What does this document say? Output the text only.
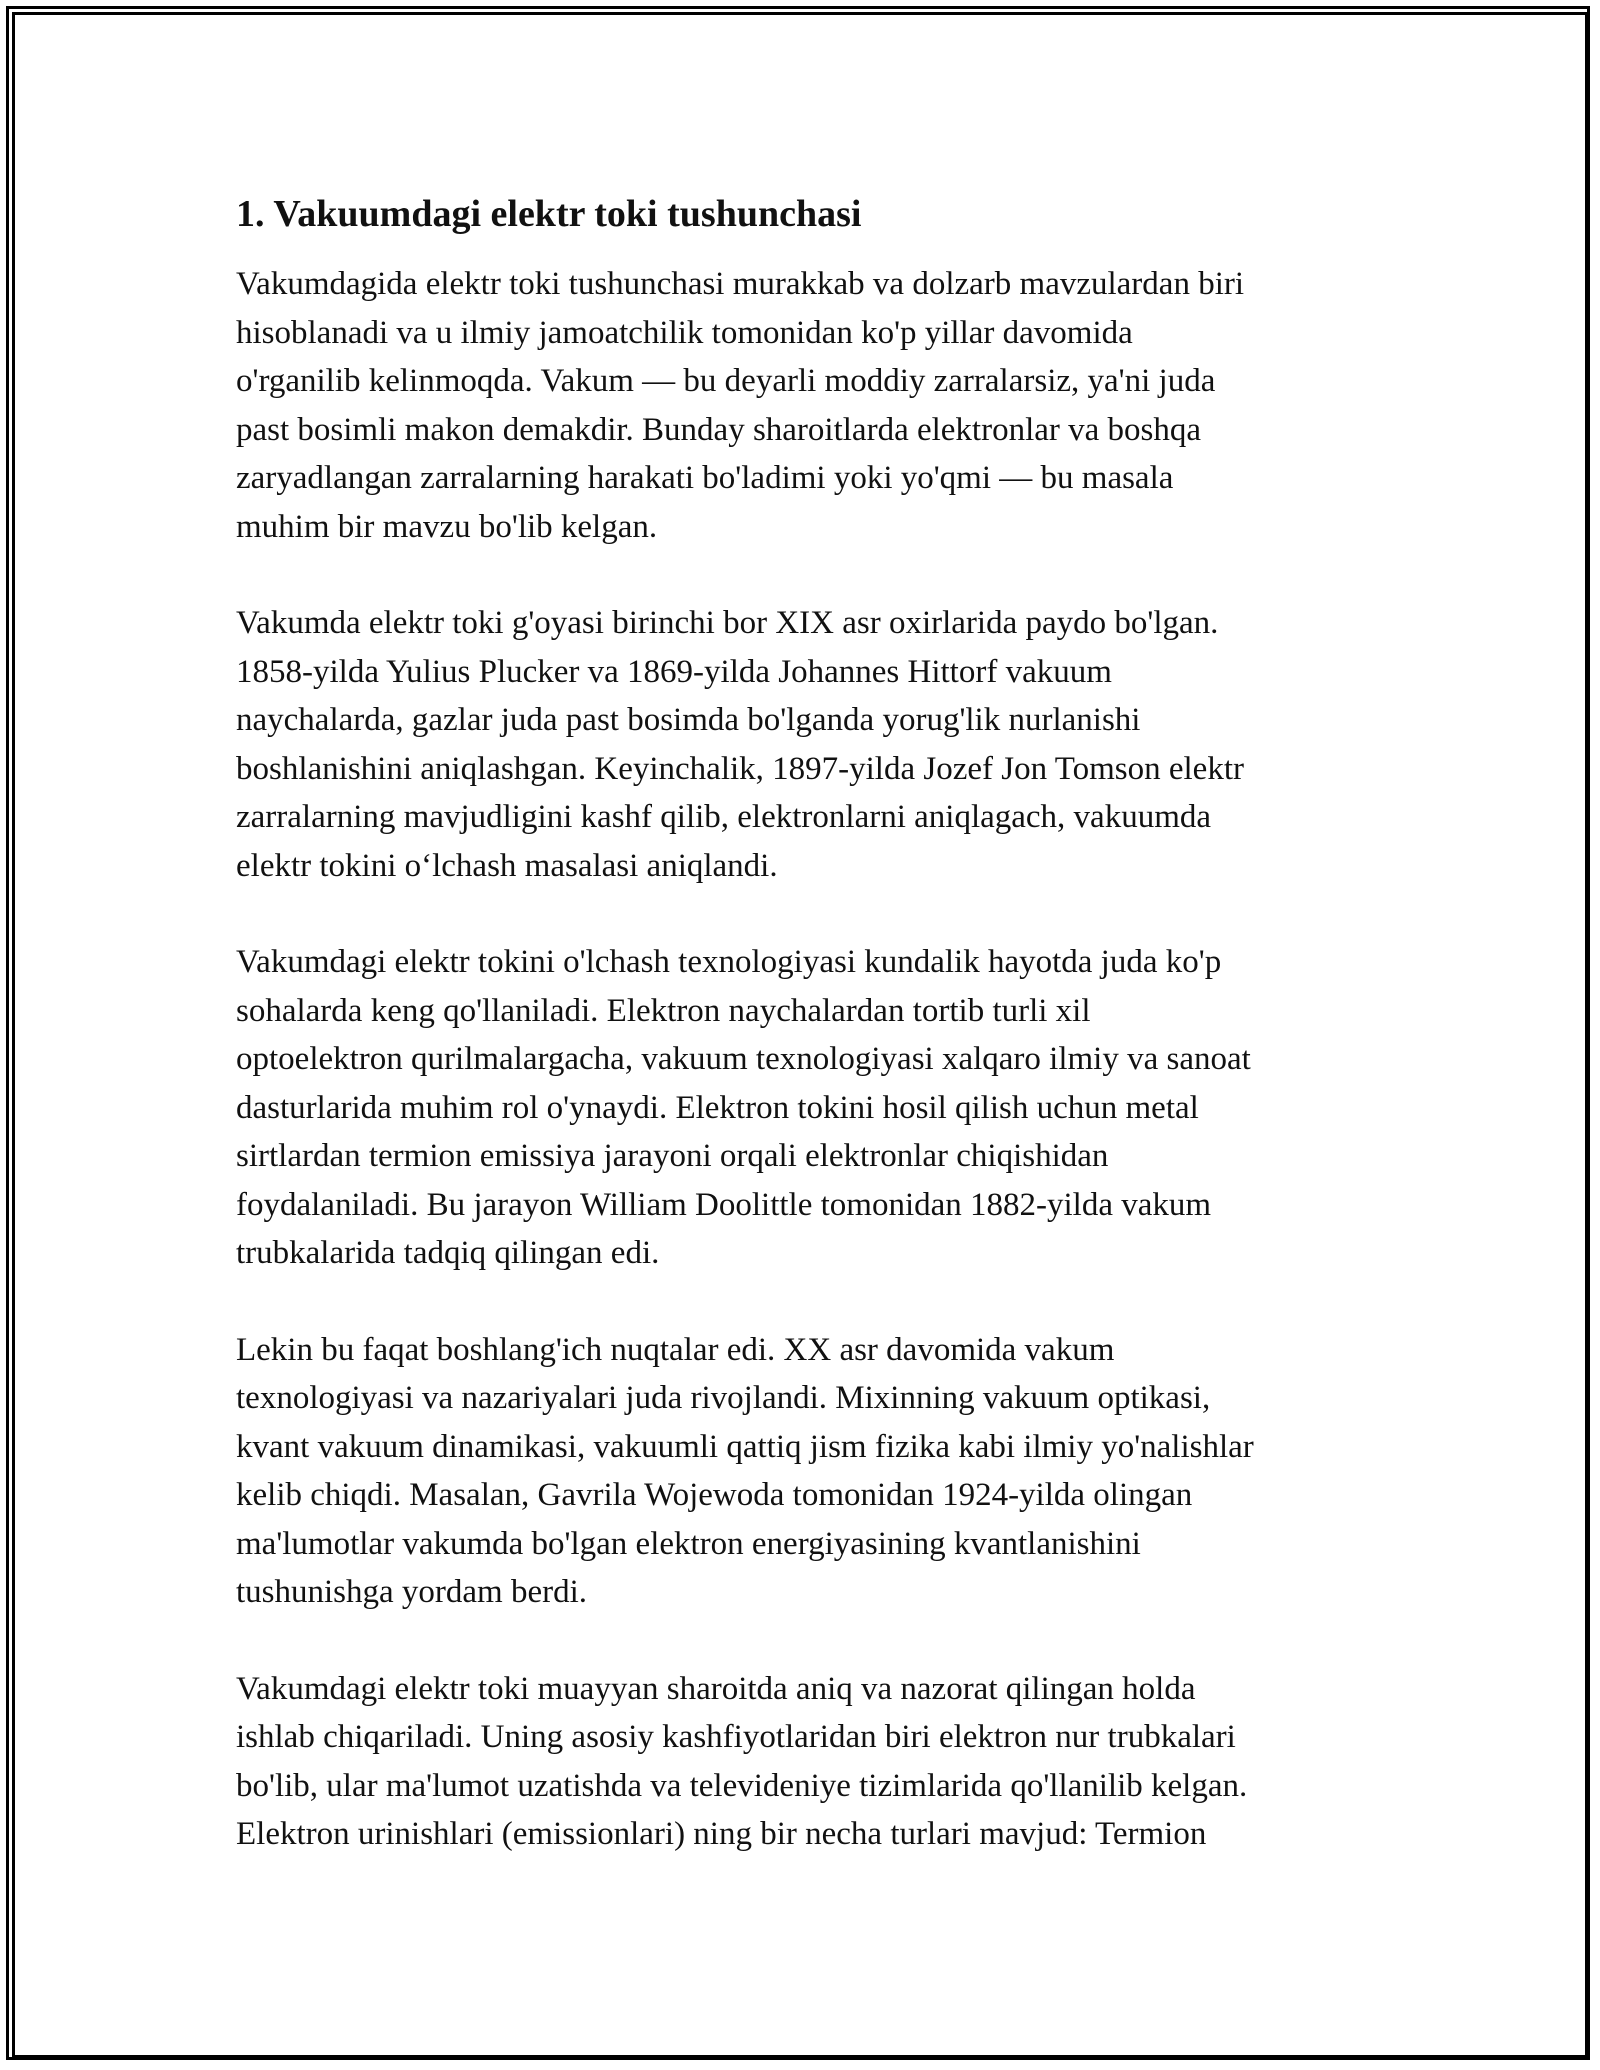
1. Vakuumdagi elektr toki tushunchasi
Vakumdagida elektr toki tushunchasi murakkab va dolzarb mavzulardan biri
hisoblanadi va u ilmiy jamoatchilik tomonidan ko'p yillar davomida
o'rganilib kelinmoqda. Vakum — bu deyarli moddiy zarralarsiz, ya'ni juda
past bosimli makon demakdir. Bunday sharoitlarda elektronlar va boshqa
zaryadlangan zarralarning harakati bo'ladimi yoki yo'qmi — bu masala
muhim bir mavzu bo'lib kelgan.
Vakumda elektr toki g'oyasi birinchi bor XIX asr oxirlarida paydo bo'lgan.
1858-yilda Yulius Plucker va 1869-yilda Johannes Hittorf vakuum
naychalarda, gazlar juda past bosimda bo'lganda yorug'lik nurlanishi
boshlanishini aniqlashgan. Keyinchalik, 1897-yilda Jozef Jon Tomson elektr
zarralarning mavjudligini kashf qilib, elektronlarni aniqlagach, vakuumda
elektr tokini o‘lchash masalasi aniqlandi.
Vakumdagi elektr tokini o'lchash texnologiyasi kundalik hayotda juda ko'p
sohalarda keng qo'llaniladi. Elektron naychalardan tortib turli xil
optoelektron qurilmalargacha, vakuum texnologiyasi xalqaro ilmiy va sanoat
dasturlarida muhim rol o'ynaydi. Elektron tokini hosil qilish uchun metal
sirtlardan termion emissiya jarayoni orqali elektronlar chiqishidan
foydalaniladi. Bu jarayon William Doolittle tomonidan 1882-yilda vakum
trubkalarida tadqiq qilingan edi.
Lekin bu faqat boshlang'ich nuqtalar edi. XX asr davomida vakum
texnologiyasi va nazariyalari juda rivojlandi. Mixinning vakuum optikasi,
kvant vakuum dinamikasi, vakuumli qattiq jism fizika kabi ilmiy yo'nalishlar
kelib chiqdi. Masalan, Gavrila Wojewoda tomonidan 1924-yilda olingan
ma'lumotlar vakumda bo'lgan elektron energiyasining kvantlanishini
tushunishga yordam berdi.
Vakumdagi elektr toki muayyan sharoitda aniq va nazorat qilingan holda
ishlab chiqariladi. Uning asosiy kashfiyotlaridan biri elektron nur trubkalari
bo'lib, ular ma'lumot uzatishda va televideniye tizimlarida qo'llanilib kelgan.
Elektron urinishlari (emissionlari) ning bir necha turlari mavjud: Termion
